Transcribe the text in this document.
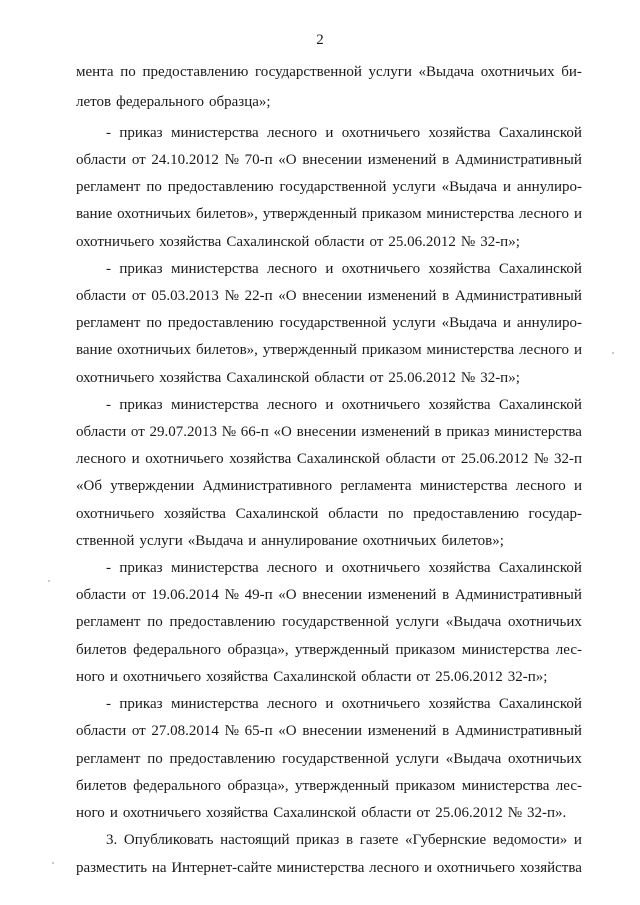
2
мента по предоставлению государственной услуги «Выдача охотничьих би-
летов федерального образца»;
- приказ министерства лесного и охотничьего хозяйства Сахалинской
области от 24.10.2012 № 70-п «О внесении изменений в Административный
регламент по предоставлению государственной услуги «Выдача и аннулиро-
вание охотничьих билетов», утвержденный приказом министерства лесного и
охотничьего хозяйства Сахалинской области от 25.06.2012 № 32-п»;
- приказ министерства лесного и охотничьего хозяйства Сахалинской
области от 05.03.2013 № 22-п «О внесении изменений в Административный
регламент по предоставлению государственной услуги «Выдача и аннулиро-
вание охотничьих билетов», утвержденный приказом министерства лесного и
охотничьего хозяйства Сахалинской области от 25.06.2012 № 32-п»;
- приказ министерства лесного и охотничьего хозяйства Сахалинской
области от 29.07.2013 № 66-п «О внесении изменений в приказ министерства
лесного и охотничьего хозяйства Сахалинской области от 25.06.2012 № 32-п
«Об утверждении Административного регламента министерства лесного и
охотничьего хозяйства Сахалинской области по предоставлению государ-
ственной услуги «Выдача и аннулирование охотничьих билетов»;
- приказ министерства лесного и охотничьего хозяйства Сахалинской
области от 19.06.2014 № 49-п «О внесении изменений в Административный
регламент по предоставлению государственной услуги «Выдача охотничьих
билетов федерального образца», утвержденный приказом министерства лес-
ного и охотничьего хозяйства Сахалинской области от 25.06.2012 32-п»;
- приказ министерства лесного и охотничьего хозяйства Сахалинской
области от 27.08.2014 № 65-п «О внесении изменений в Административный
регламент по предоставлению государственной услуги «Выдача охотничьих
билетов федерального образца», утвержденный приказом министерства лес-
ного и охотничьего хозяйства Сахалинской области от 25.06.2012 № 32-п».
3. Опубликовать настоящий приказ в газете «Губернские ведомости» и
разместить на Интернет-сайте министерства лесного и охотничьего хозяйства
